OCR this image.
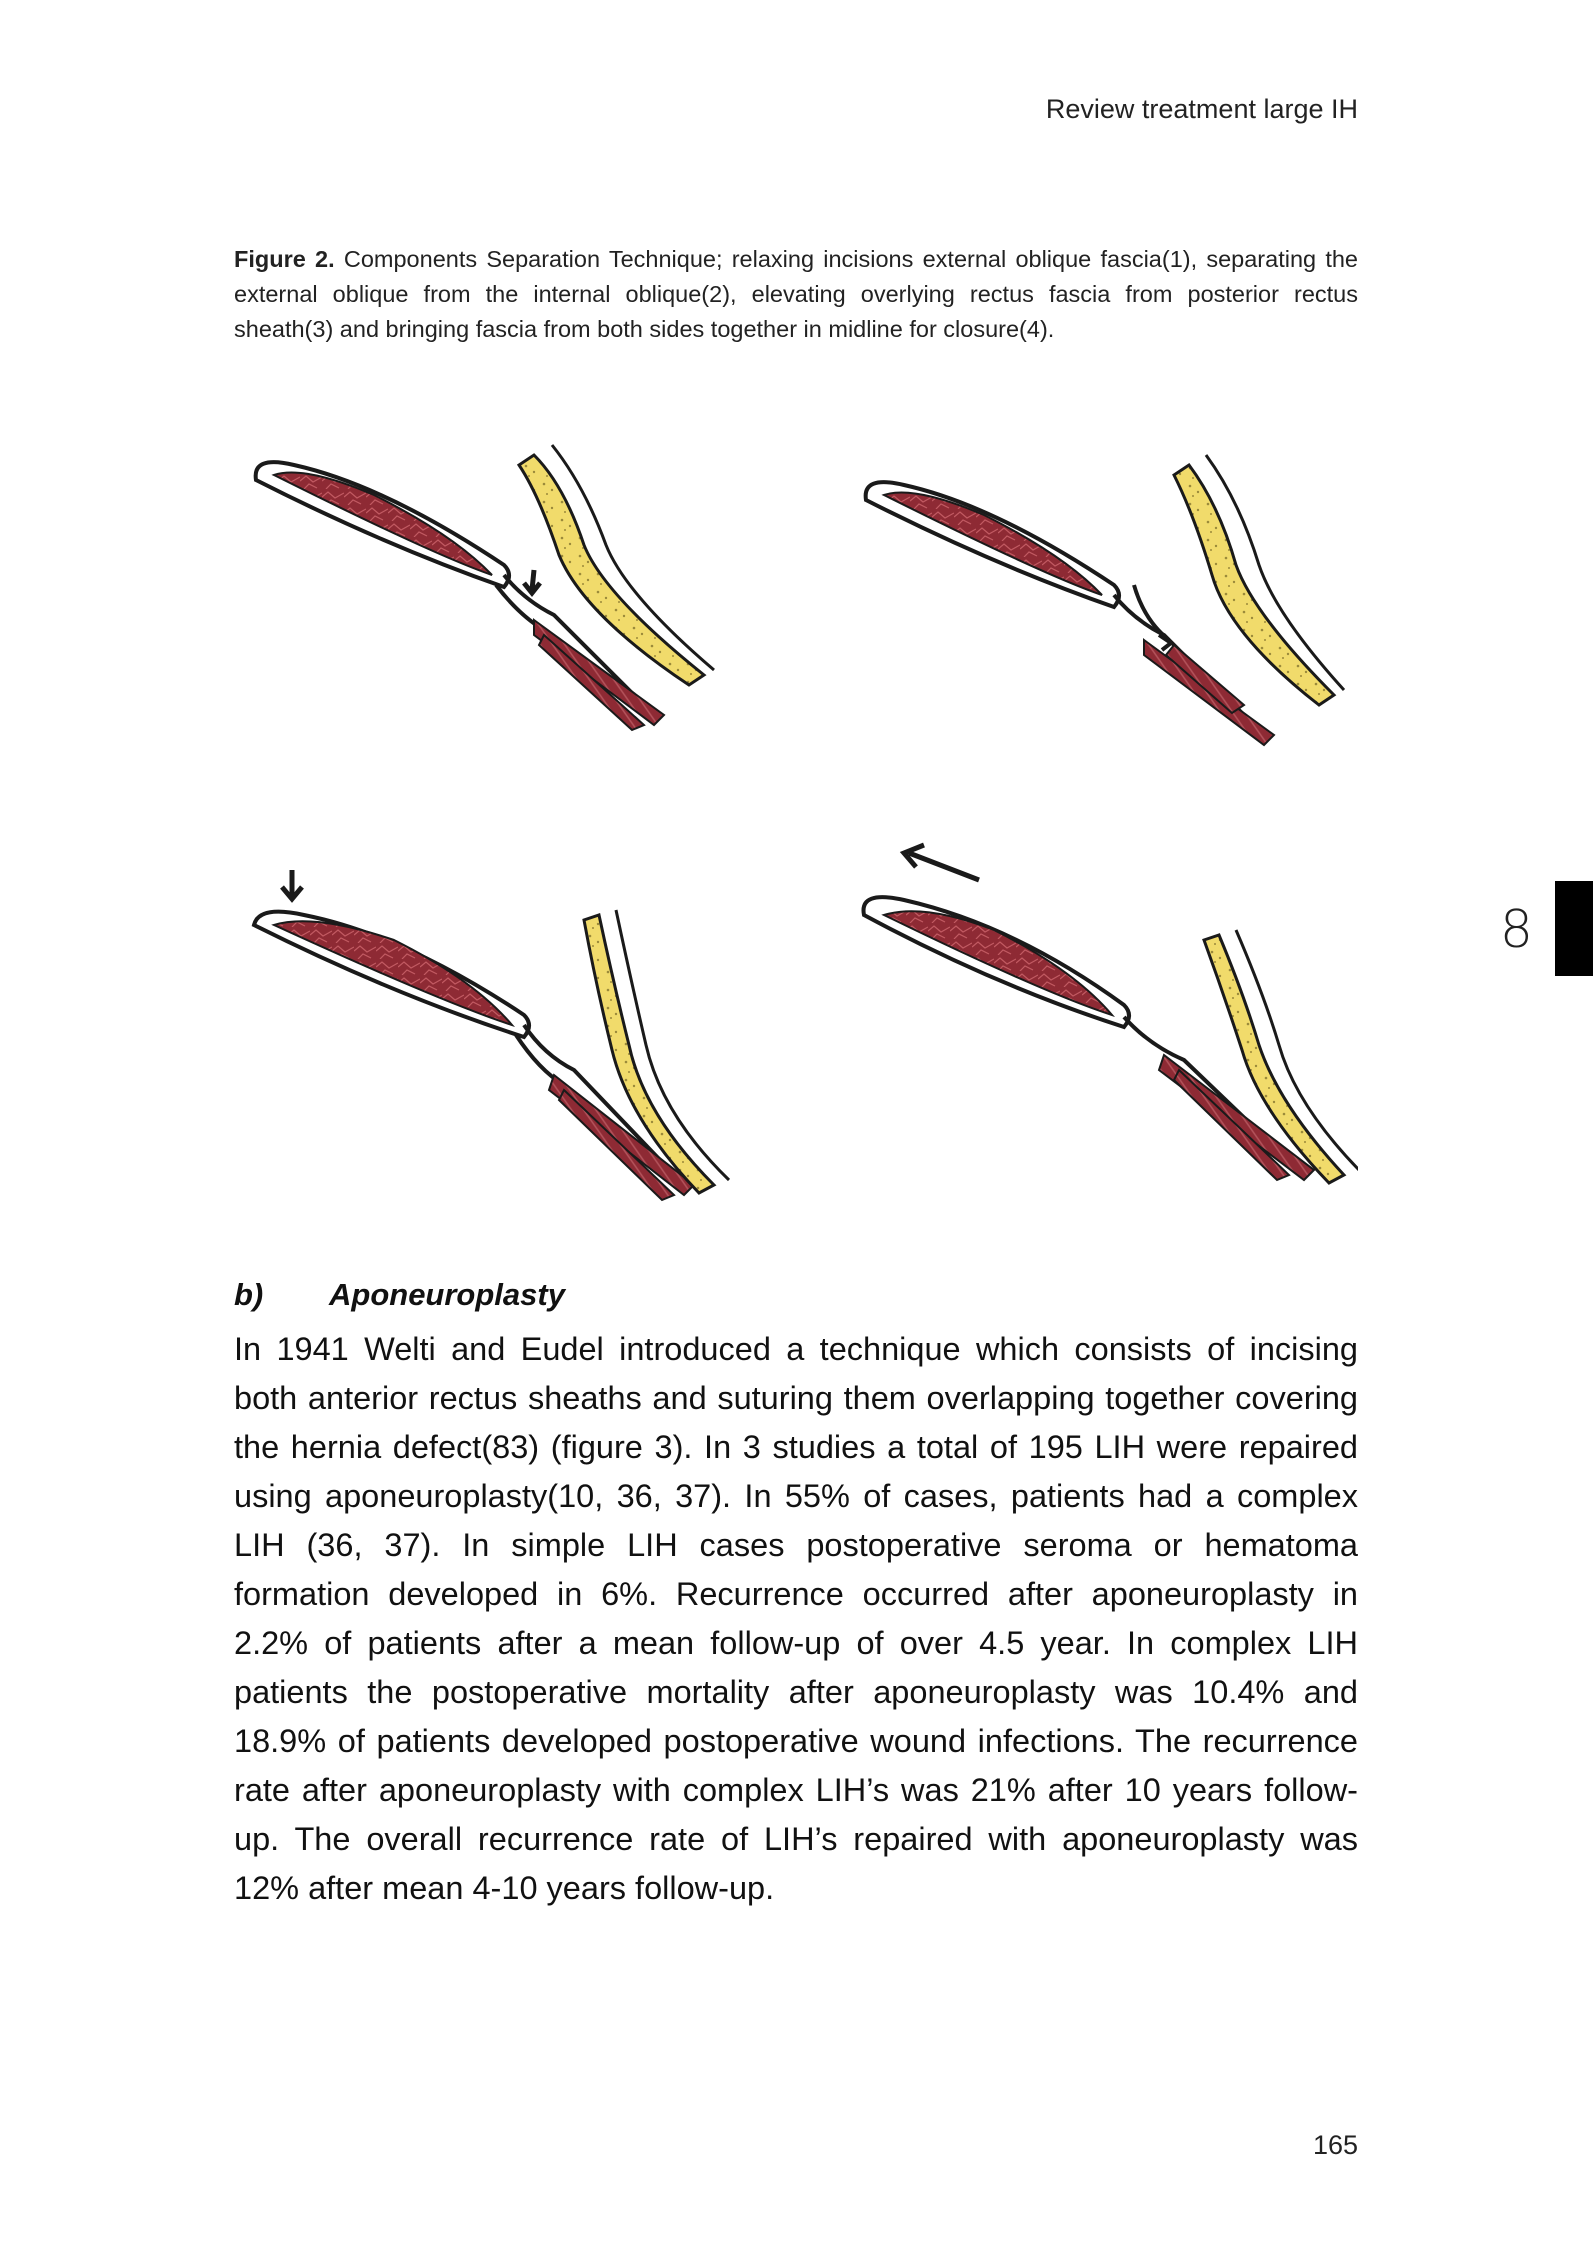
Review treatment large IH
Figure 2. Components Separation Technique; relaxing incisions external oblique fascia(1), separating the external oblique from the internal oblique(2), elevating overlying rectus fascia from posterior rectus sheath(3) and bringing fascia from both sides together in midline for closure(4).
8
b) Aponeuroplasty
In 1941 Welti and Eudel introduced a technique which consists of incising both anterior rectus sheaths and suturing them overlapping together covering the hernia defect(83) (figure 3). In 3 studies a total of 195 LIH were repaired using aponeuroplasty(10, 36, 37). In 55% of cases, patients had a complex LIH (36, 37). In simple LIH cases postoperative seroma or hematoma formation developed in 6%. Recurrence occurred after aponeuroplasty in 2.2% of patients after a mean follow-up of over 4.5 year. In complex LIH patients the postoperative mortality after aponeuroplasty was 10.4% and 18.9% of patients developed postoperative wound infections. The recurrence rate after aponeuroplasty with complex LIH’s was 21% after 10 years follow-up. The overall recurrence rate of LIH’s repaired with aponeuroplasty was 12% after mean 4-10 years follow-up.
165
